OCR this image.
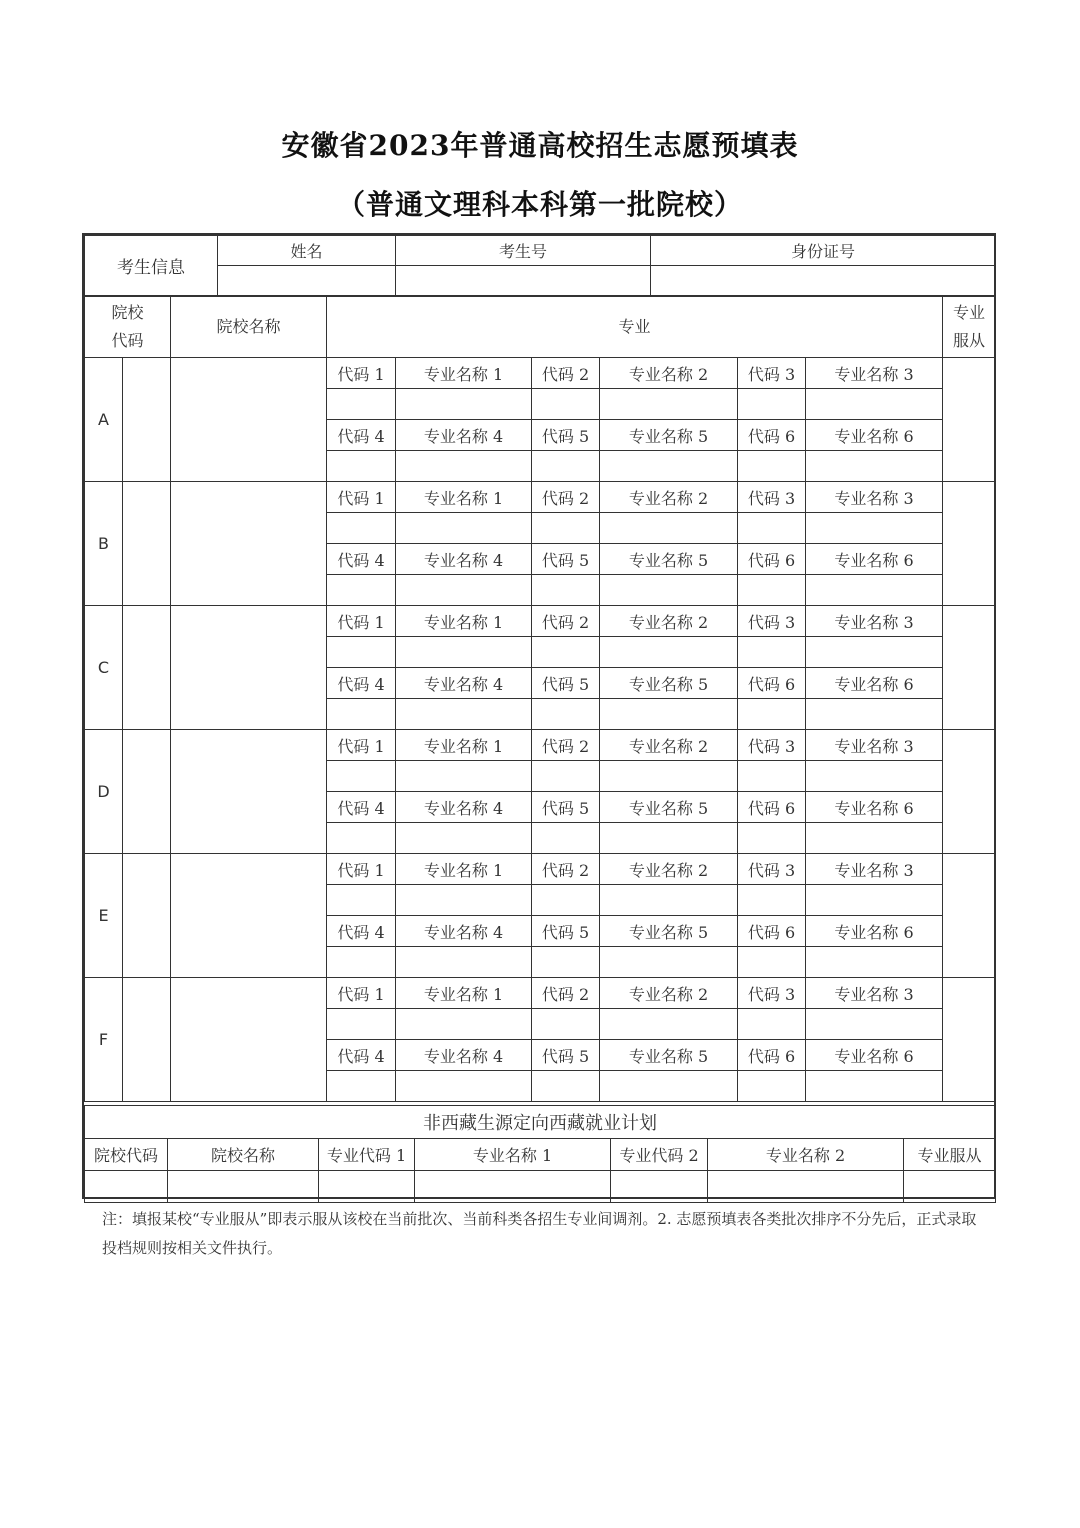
安徽省2023年普通高校招生志愿预填表
（普通文理科本科第一批院校）
考生信息	姓名	考生号	身份证号

院校
代码		院校名称	专业						专业
服从
A			代码 1	专业名称 1	代码 2	专业名称 2	代码 3	专业名称 3	

			代码 4	专业名称 4	代码 5	专业名称 5	代码 6	专业名称 6	

B			代码 1	专业名称 1	代码 2	专业名称 2	代码 3	专业名称 3	

			代码 4	专业名称 4	代码 5	专业名称 5	代码 6	专业名称 6	

C			代码 1	专业名称 1	代码 2	专业名称 2	代码 3	专业名称 3	

			代码 4	专业名称 4	代码 5	专业名称 5	代码 6	专业名称 6	

D			代码 1	专业名称 1	代码 2	专业名称 2	代码 3	专业名称 3	

			代码 4	专业名称 4	代码 5	专业名称 5	代码 6	专业名称 6	

E			代码 1	专业名称 1	代码 2	专业名称 2	代码 3	专业名称 3	

			代码 4	专业名称 4	代码 5	专业名称 5	代码 6	专业名称 6	

F			代码 1	专业名称 1	代码 2	专业名称 2	代码 3	专业名称 3	

			代码 4	专业名称 4	代码 5	专业名称 5	代码 6	专业名称 6	

非西藏生源定向西藏就业计划						
院校代码	院校名称	专业代码 1	专业名称 1	专业代码 2	专业名称 2	专业服从

注：填报某校“专业服从”即表示服从该校在当前批次、当前科类各招生专业间调剂。2. 志愿预填表各类批次排序不分先后，正式录取投档规则按相关文件执行。
